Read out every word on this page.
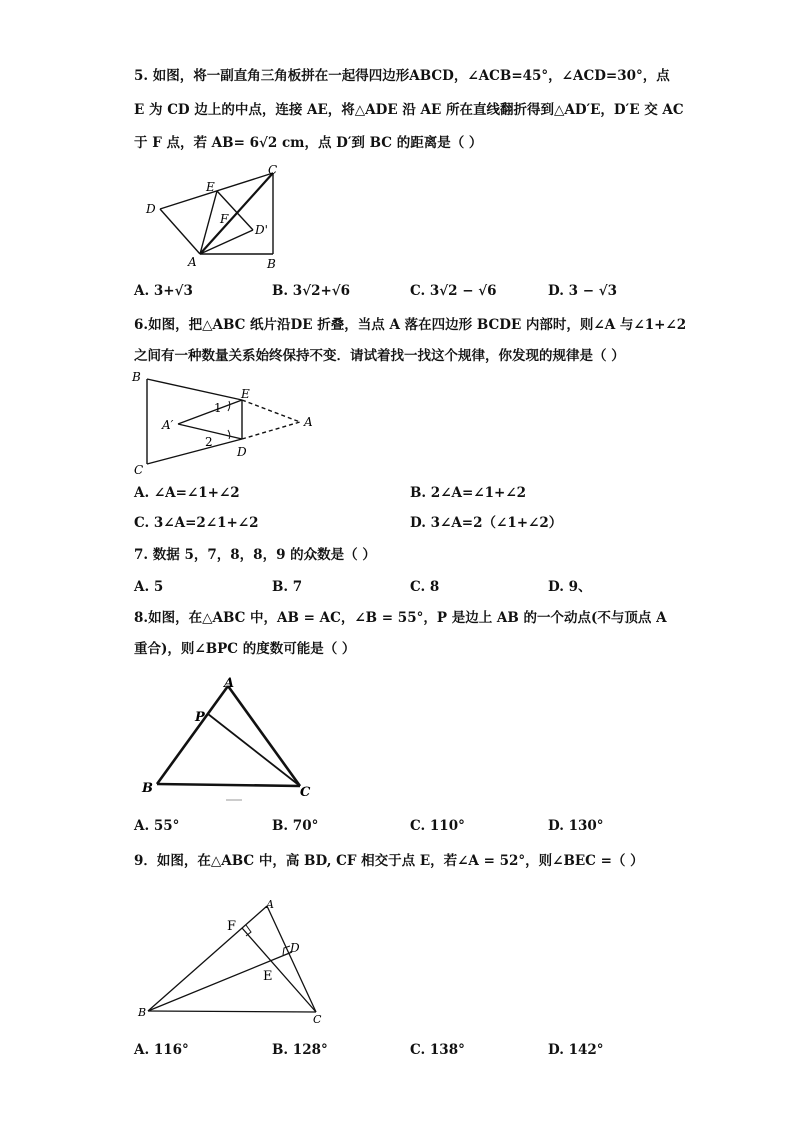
5. 如图，将一副直角三角板拼在一起得四边形ABCD，∠ACB=45°，∠ACD=30°，点
E 为 CD 边上的中点，连接 AE，将△ADE 沿 AE 所在直线翻折得到△AD′E，D′E 交 AC
于 F 点，若 AB= 6√2 cm，点 D′到 BC 的距离是（ ）
C
E
D
F
D'
A	B
A. 3+√3	B. 3√2+√6	C. 3√2 − √6	D. 3 − √3
6.如图，把△ABC 纸片沿DE 折叠，当点 A 落在四边形 BCDE 内部时，则∠A 与∠1+∠2
之间有一种数量关系始终保持不变．请试着找一找这个规律，你发现的规律是（ ）
B
E
A′
1
2
A
D
C
A. ∠A=∠1+∠2	B. 2∠A=∠1+∠2
C. 3∠A=2∠1+∠2	D. 3∠A=2（∠1+∠2）
7. 数据 5，7，8，8，9 的众数是（ ）
A. 5	B. 7	C. 8	D. 9、
8.如图，在△ABC 中，AB = AC，∠B = 55°，P 是边上 AB 的一个动点(不与顶点 A
重合)，则∠BPC 的度数可能是（ ）
A
P
B	C
A. 55°	B. 70°	C. 110°	D. 130°
9．如图，在△ABC 中，高 BD, CF 相交于点 E，若∠A = 52°，则∠BEC =（ ）
A
F
D
E
B
C
A. 116°	B. 128°	C. 138°	D. 142°
